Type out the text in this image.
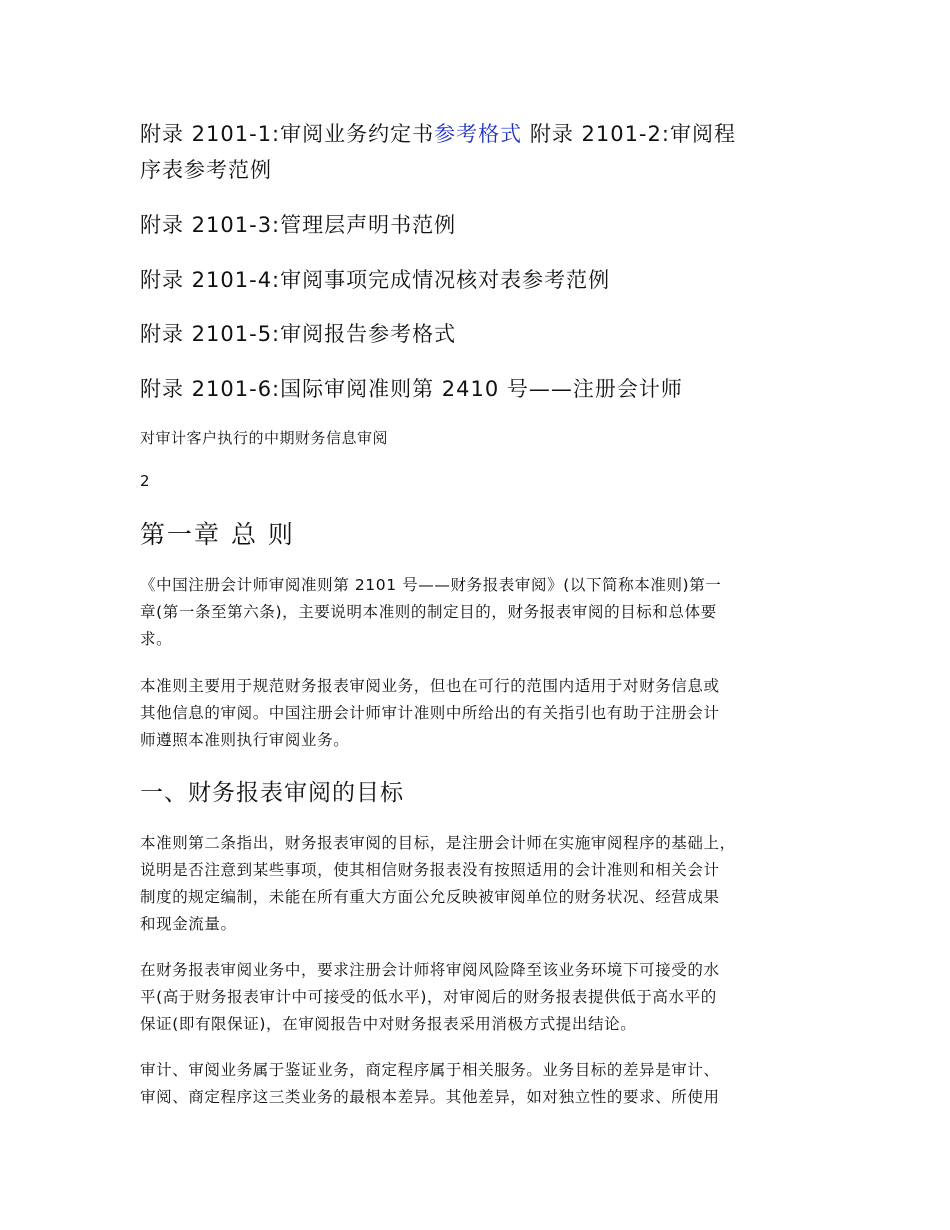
附录 2101-1:审阅业务约定书参考格式 附录 2101-2:审阅程
序表参考范例
附录 2101-3:管理层声明书范例
附录 2101-4:审阅事项完成情况核对表参考范例
附录 2101-5:审阅报告参考格式
附录 2101-6:国际审阅准则第 2410 号——注册会计师
对审计客户执行的中期财务信息审阅
2
第一章 总 则
《中国注册会计师审阅准则第 2101 号——财务报表审阅》(以下简称本准则)第一
章(第一条至第六条)，主要说明本准则的制定目的，财务报表审阅的目标和总体要
求。
本准则主要用于规范财务报表审阅业务，但也在可行的范围内适用于对财务信息或
其他信息的审阅。中国注册会计师审计准则中所给出的有关指引也有助于注册会计
师遵照本准则执行审阅业务。
一、财务报表审阅的目标
本准则第二条指出，财务报表审阅的目标，是注册会计师在实施审阅程序的基础上，
说明是否注意到某些事项，使其相信财务报表没有按照适用的会计准则和相关会计
制度的规定编制，未能在所有重大方面公允反映被审阅单位的财务状况、经营成果
和现金流量。
在财务报表审阅业务中，要求注册会计师将审阅风险降至该业务环境下可接受的水
平(高于财务报表审计中可接受的低水平)，对审阅后的财务报表提供低于高水平的
保证(即有限保证)，在审阅报告中对财务报表采用消极方式提出结论。
审计、审阅业务属于鉴证业务，商定程序属于相关服务。业务目标的差异是审计、
审阅、商定程序这三类业务的最根本差异。其他差异，如对独立性的要求、所使用
